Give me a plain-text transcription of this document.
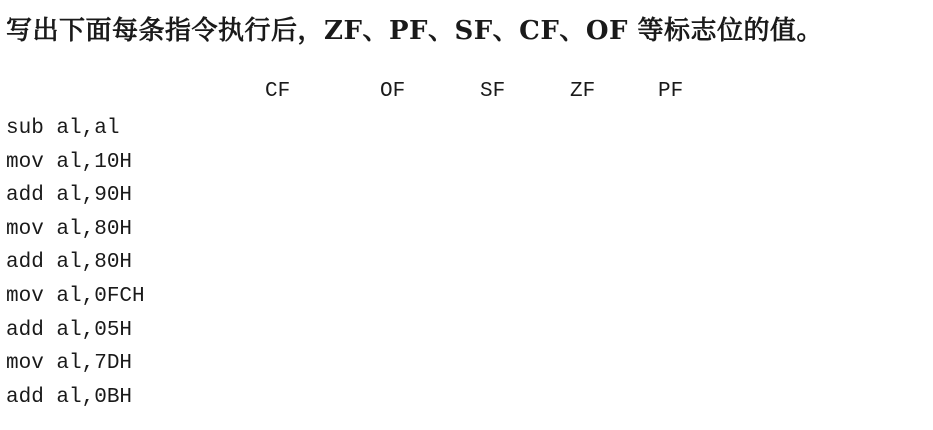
写出下面每条指令执行后，ZF、PF、SF、CF、OF 等标志位的值。
CF	OF	SF	ZF	PF
sub al,al
mov al,10H
add al,90H
mov al,80H
add al,80H
mov al,0FCH
add al,05H
mov al,7DH
add al,0BH
